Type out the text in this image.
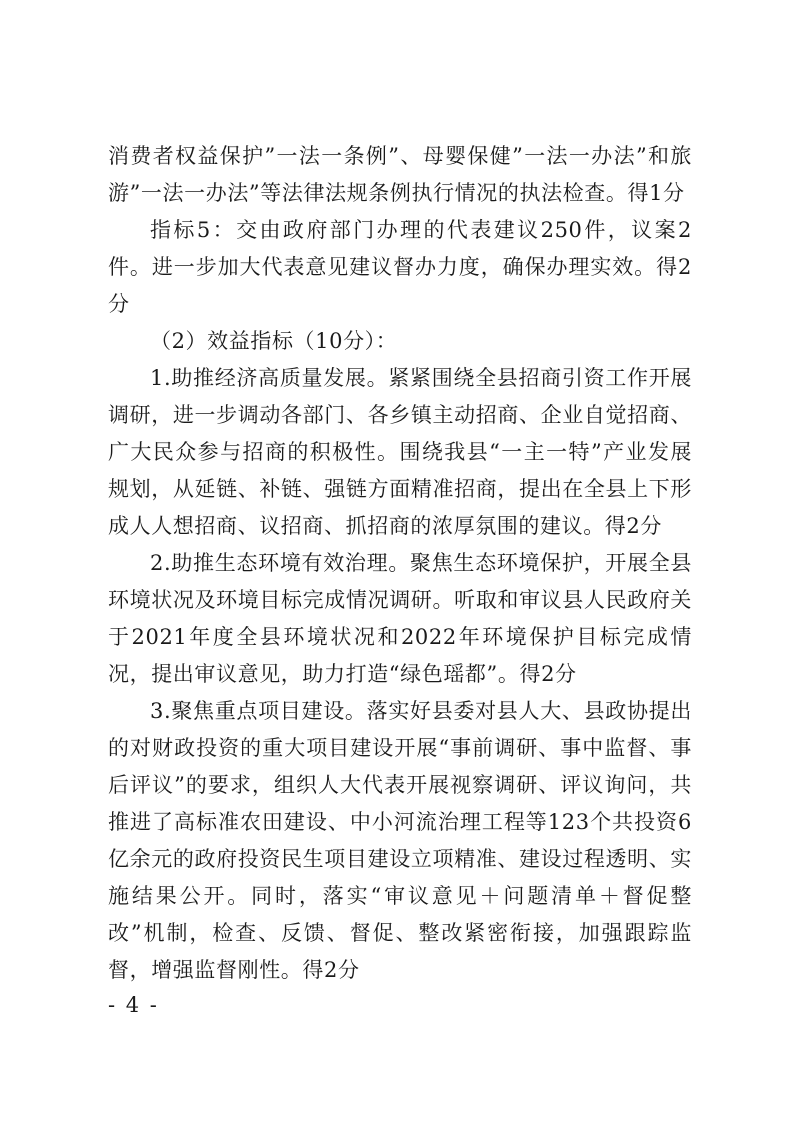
消费者权益保护”一法一条例”、母婴保健”一法一办法”和旅游”一法一办法”等法律法规条例执行情况的执法检查。得1分

指标5：交由政府部门办理的代表建议250件，议案2件。进一步加大代表意见建议督办力度，确保办理实效。得2分

（2）效益指标（10分）：

1.助推经济高质量发展。紧紧围绕全县招商引资工作开展调研，进一步调动各部门、各乡镇主动招商、企业自觉招商、广大民众参与招商的积极性。围绕我县“一主一特”产业发展规划，从延链、补链、强链方面精准招商，提出在全县上下形成人人想招商、议招商、抓招商的浓厚氛围的建议。得2分

2.助推生态环境有效治理。聚焦生态环境保护，开展全县环境状况及环境目标完成情况调研。听取和审议县人民政府关于2021年度全县环境状况和2022年环境保护目标完成情况，提出审议意见，助力打造“绿色瑶都”。得2分

3.聚焦重点项目建设。落实好县委对县人大、县政协提出的对财政投资的重大项目建设开展“事前调研、事中监督、事后评议”的要求，组织人大代表开展视察调研、评议询问，共推进了高标准农田建设、中小河流治理工程等123个共投资6亿余元的政府投资民生项目建设立项精准、建设过程透明、实施结果公开。同时，落实“审议意见＋问题清单＋督促整改”机制，检查、反馈、督促、整改紧密衔接，加强跟踪监督，增强监督刚性。得2分

- 4 -
